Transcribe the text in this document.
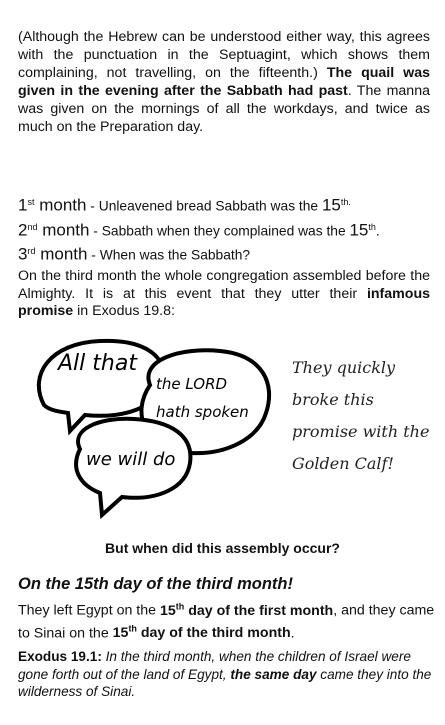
(Although the Hebrew can be understood either way, this agrees with the punctuation in the Septuagint, which shows them complaining, not travelling, on the fifteenth.) The quail was given in the evening after the Sabbath had past. The manna was given on the mornings of all the workdays, and twice as much on the Preparation day.

1st month - Unleavened bread Sabbath was the $15^{th.}$
2nd month - Sabbath when they complained was the 15th.
3rd month - When was the Sabbath?

On the third month the whole congregation assembled before the Almighty. It is at this event that they utter their infamous promise in Exodus 19.8:

All that
the LORD
hath spoken
we will do
They quickly broke this promise with the Golden Calf!
But when did this assembly occur?

On the 15th day of the third month!

They left Egypt on the 15th day of the first month, and they came to Sinai on the 15th day of the third month.

Exodus 19.1: In the third month, when the children of Israel were gone forth out of the land of Egypt, the same day came they into the wilderness of Sinai.
